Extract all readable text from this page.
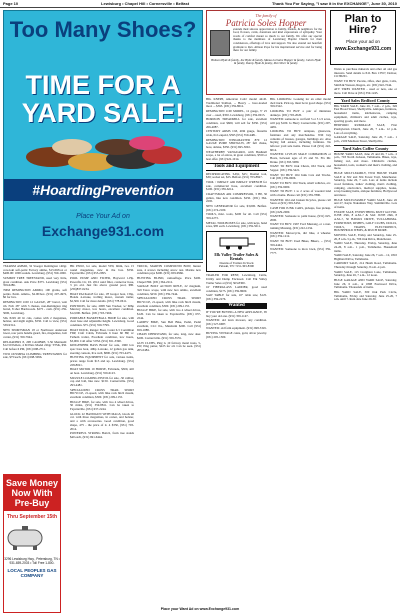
Page 10	Lewisburg • Chapel Hill • Cornersville • Belfast	Thank You For Saying, "I saw it in the EXCHANGE", June 30, 2010
Too Many Shoes?
TIME FOR A YARD SALE!
#HoardingPrevention
Place Your Ad on
Exchange931.com
The family of
Patricia Soles Hopper
extends their sincere appreciation to family, friends, & neighbors for the food, flowers, cards, donations and kind expressions of sympathy. Your words of comfort meant so much to our family. We offer our special thanks to the members of Lewisburg Baptist Church for their condolences, offerings of love and support. We also extend our heartfelt gratitude to Rev. Allison Pope for his inspirational service and for being there for our family.
Hobson Hyde & family, Joe Hyde & family, Mama Lorraine Hopper & family, Calvin Hyde & family, Danny Hyde & family, Pat Oliver & family.
Plan to
Hire?
Place your ad on
www.Exchange931.com

7X444SM AMMO, 32 Stoeger Remington 140gr. core-lokt soft-point Factory ammo, $15.00/box or $400.00/ 1000 rounds. Lewisburg. (931) 359-1060.

SUMMIT TREE TREESTAND, used very little, great condition. Ask Price $375. Lewisburg (931) 359-6286.

7MM REMINGTON AMMO, 100 grains, soft points. Perm. Ammo., $2.00/box. (931) 207-4972, $6 for box.

REMINGTON 1100 12 GAUGE, 28" barrel, vent rib. Full. 28" with 3 chokes, non-Remington ring barrel, 8 shot Hardwoods. $275 - cash. (931) 259-5000, Lewisburg.

SIG P229 40 lic cals, comes with 2 magazines, holster, and night sights, $550. Call to view, (931) 539-9314.

NEW SPORTSMAN 18 or Northwest Anderson lower, rear parts handle guard, fire, magazines, bolt carrier, (931) 359-7944.

RELOADERS 8, 208 CALIBRE, 5.56 Mentaudt: $12.50 Pellets, 4 M Plats Model 22bgr TTSK, $50. Call before 6 PM, (931) 698-2711.

TWO OLYMPIA CLIMBING TREESTANDS for sale, $75/each. (931) 698-5096.

HK P3010, for sale, model VP9, 9mm, two 15 round magazines, new in the box. $550. Fayetteville. (931) 655-2095.

POOL PUMP AND FILTER, Hayward 1-Hp. Powerflo Ctr, UL 2012 sand filter, connector hose, 3 yrs old. Just fits above ground pool, $80. (256)837-0234.

BOAT PACKAGE for sale, 18' Gregor boat, 15hp, Honda 4-stroke, trolling motor, custom trailer, $2,500. Call for more details. (931) 778-0611.

PONTOON, for sale, 2008 Sun Tracker, w/ 60hp Mercury motor, low hours, excellent condition. $12,000. Belfast. (931) 703-7466.

PORTABLE BASKETBALL HOOP for sale, with clear base and adjustable height. Lewisburg. Good condition. $75. (931) 359-7799.

BOAT DOCK, Ranger Boat, Cadet 6.3 Cornithian FDP, Craft Cabin, Evinrude 6 hour 60 HP, w/ Fathom trailer, Excellent condition, low hours, $3,000. Call After 5 PM. (931) 651-3390.

KINGFISHER BASS BOAT for sale, 1960 low spec bass boat, 40hp 2-stroke, 12 gallon gas tank, steering console, live well, $800. (931) 703-4475.

HUNTING EQUIPMENT for sale, various items, prices range from $15 and up. Lewisburg. (931) 228-8021.

BOAT MOTOR 19 HORSE, Evinrude, $300, still on boat. Lewisburg. (931) 359-6123.

MUZZLE LOADING PISTOL for sale, .50 caliber, cap and ball, like new. $150. Cornersville. (931) 293-4481.

SPECIALIZED CROSS TRAIL SPORT BICYCLE, 21-speed, with bike rack hitch mount, excellent condition, $300. (931) 209-1155.

BUGGY BIKE, for sale, with two 4 wheel drives, 50 miles, (931) 359-8811. Can be taken to Fayetteville. (931) 637-2244.

GLOCK 22 HANDGUN WITH MAGS, Glock 40 cal. with three magazines, in owner, and holster, and a with accessories. Good condition, good shape, 475 - the price of it. 4 $350, (931) 703-2014.

POWERFUL STRONG BAGS, from tree stands $40 each, (931) 691-6444.

TRUCK, MARTIN COMPOUND BOW, hunter sure, 4 arrows including arrow rest. Marine new condition pays $200. (931) 659-9966.

HUNTING BLIND, camouflage. Price $200. Chapel Hill. (931) 364-2212.

SAVAGE BOLT ACTION RIFLE, 22 magnum, 3x9 Tasco scope, with new box ammo, excellent condition, $250. (931) 359-7444.

SPECIALIZED CROSS TRAIL SPORT BICYCLE, 21-speed, with bike rack hitch mount, excellent condition, $300. (931) 209-1155.

BUGGY BIKE, for sale, with two 4 wheel drives, $120. Can be taken to Fayetteville. (931) 637-2244.

LADIES' BIKE, Sun Bell Bike, Pedal, Pedal excellent, CLC lbs., Mandarin $200. Call (931) 659-1088.

CHAIN DEERSTAND, for sale, long, new deer. $200. Cornersville. (931) 359-5555.

GUN CLUBS, Ping G 10 fairway metal irons, 5-PW, Ping putter, $225 for all. Can be seen. (931) 205-0484.

BIG KNEPP, American Colts' model 44/45. Traditional Stallion, ... Heavy ... bore-loaded mod. ... $395. (931) 359-8012.

REMINGTON 1100 MODEL, 12 gauge, 3" 25 over ... used, $350. Lewisburg. (931) 359-0015.

HORIZON TREADMILL for sale, excellent condition, cost $600, will sell for $350. (931) 266-4087.

CENTURY ARMS CM, 40th gauge, firearms wide, 6x Leupold, $595 (931) 359-4481.

REMINGTON WINGMASTER 870 12 GAUGE PUMP SHOTGUN, 28" full choke, bore, deluxe, $350. (931) 695-5002.

WEATHERBY VANGUARD, with Bushnell scope, a lot of extras, in great condition, $550 or best offer. (931) 922-1014.

Tools and Equipment

RECIPROCATING SAW, $25; Dremel tool, $30; socket set, $25. Belfast. (931) 703-8847.

TOOL / IMPACT AIR IMPACT WRENCH for sale, commercial hose, excellent condition. $100. (931) 359-6214.

CRAFTSMAN AIR COMPRESSOR, 3 HP, 30 gallon, like new condition. $250. (931) 364-2295.

NEW GENERATOR for sale, $3,000. Belfast. (931) 274-2100.

TOOLS, misc. tools, $200 for all. Call (931) 359-2273.

METAL TOOLBOXES for sale, with keys, hand saws, $85 each. Lewisburg. (931) 359-5011.

Elk Valley Trailer Sales & Rentals
Dozens of Trailers In Stock
Pulaski, TN • 931-363-8300

TRAILER FOR RENT, Lewisburg. Cattle, Utility and Dump Enclosed. Call Elk Valley Trailer Sales at (931) 363-8300.

16' FIBERGLASS LADDER, good used condition, $175. (931) 359-8600.

SAW TABLE for sale, 10" table saw, $125. (931) 359-2276.

Wanted

IF YOU'RE BUYING A NEW APPLIANCE, I'll buy your old one. (931) 359-1147.

WANTED: old lawn mowers, any condition. (931) 527-6687.

WANTED: old farm equipment. (931) 698-3345.

BUYING VINTAGE coins, gold, silver jewelry. (931) 205-1500.

BIG LOOKING: Looking for an older model 4wd truck. Pick up, must be in good shape. (931) 359-5522.

LOOKING TO BUY a pair of miniature donkeys. (931) 703-2020.

WANTED: someone to cut field 3 or 5 1/2 acres, will pay $100. Jo Harry Cornersville. (931) 297-4481.

LOOKING TO BUY: antiques, glassware, furniture and any merchandise. Will buy contents of houses, garages, buildings etc. Also buying full estates, including furniture. No leftover yard sale items. Please Call (931) 222-6014.

WANTED: LIVE-IN MALE COMPANION or Hosts, between ages of 25 and 35. Fix Mr. Drake. (931) 393-5080.

WANT TO BUY: Oak Chests, Old Truck, and Sapper. (931) 359-5421.

WANT TO BUY: Old Junk Cars and Trucks. Call (931) 359-0606.

WANT TO BUY: Old Truck, small vehicles, etc. (931) 359-9000.

WANT TO BUY: 1 to 2 acres of wooded land with a home. Please call (931) 359-7890.

WANTED: Old and broken bicycles, please call Steve at (931) 359-5432.

CASH FOR JUNK CARS, pickups, free pickup. (931) 629-2000.

WANTED: Someone to paint house, (931) 625-2000.

WANT TO BUY: 1967 Ford Mustang, or a non-running Mustang, (931) 222-1234.

WANTED: Motorcycle, dirt bike, 4 wheeler. (931) 359-1212.

WANT TO BUY: Used Bikes, Bikers, ... (931) 359-4444.

WANTED: Someone to mow lawn, (931) 359-7777.

Wants to purchase minerals and other oil and gas interests. Send details to P.O. Box 13557, Denver, CO 80201.

WANT TO BUY: Pecans, rifles, shot guns, Colts, Smith & Wesson, Rugers, etc. (931) 922-7244.

ATV TIRES WANTED - used or new, one or more. Call Dave at (931) 359-1245.

Yard Sales Bedford County

BIG YARD SALE, June 26, 7 a.m.- 2 p.m., 326 East Broad Street, Shelbyville. Antiques, furniture, household items, kitchenware, camping equipment, children's and adult clothes, toys, sporting goods, and more.

BEDFORD RUMMAGE SALE, First Presbyterian Church, June 26, 7 a.m.- 12 p.m. Lots of everything.

GARAGE SALE, Saturday, June 26, 7 a.m.- 1 p.m., 2100 Madison Street, Shelbyville.

Yard Sales Coffee County

HOUSE YARD SALE, June 25 and 26, 7 a.m.- 2 p.m., 703 North Jackson, Tullahoma. Bikes, toys, fishing rod, and more. Children's clothes, household, tools, women's and men's clothing, and more.

HUGE MULTI-FAMILY, TWO HOUSE YARD SALE at 302 and 304 Forest Trail, Manchester. Saturday, June 26, 7 a.m. Lots of items include wood furniture, ladies' clothing, men's clothing, camping, electronics, medical supplies, books, scrap booking items, antique furniture, Hollywood and more.

HUGE MULTI-FAMILY YARD SALE, June 26 and 27, Kaylo Nakamura Way, Summitville. Lots of items.

ESTATE SALE, EVERYTHING MUST GO! FRI. JUNE 25th, 8 A.M.-? & SAT. JUNE 26th, 8 A.M.-?, 50 HAWKS DRIVE, TULLAHOMA. FURNITURE, DISHES, GOLF CLUBS, DOLLS, TOOLS, TRAINS, ELECTRONICS, HOUSEHOLD ITEMS, & MUCH MORE.

MOVING SALE, Friday and Saturday, June 25-26, 8 a.m.-5 p.m., 706 Oak Drive, Manchester.

YARD SALE, Thursday, Friday, Saturday, June 24-26, 8 a.m.- 1 p.m., Tullahoma. Household items.

YARD SALE, Saturday, June 26, 7 a.m. - 12, 1810 Highland Drive, Tullahoma.

CARPORT SALE, 214 Heath Road, Tullahoma. Thursday through Saturday, 8 a.m.-4 p.m.

YARD SALE, 115 Creighton Lane, Tullahoma, Saturday, June 26, 7 a.m.- 12 noon.

HUGE GARAGE AND YARD SALE, Saturday, June 26, 6 a.m., at 1808 Eastwood Drive, Tullahoma. Thousands of items.

BIG YARD SALE, 300 Oak Park Circle, Tullahoma, Friday and Saturday, June 25-26, 7 a.m. until ?. Rain date June 29-30.

Save Money Now With Pre-Buy
Thru September 15th
3296 Lewisburg Hwy., Petersburg, TN • 931-659-2003 • Toll Free 1-800-
LOCAL PEOPLES GAS COMPANY
Place your Want Ad on www.Exchange931.com
